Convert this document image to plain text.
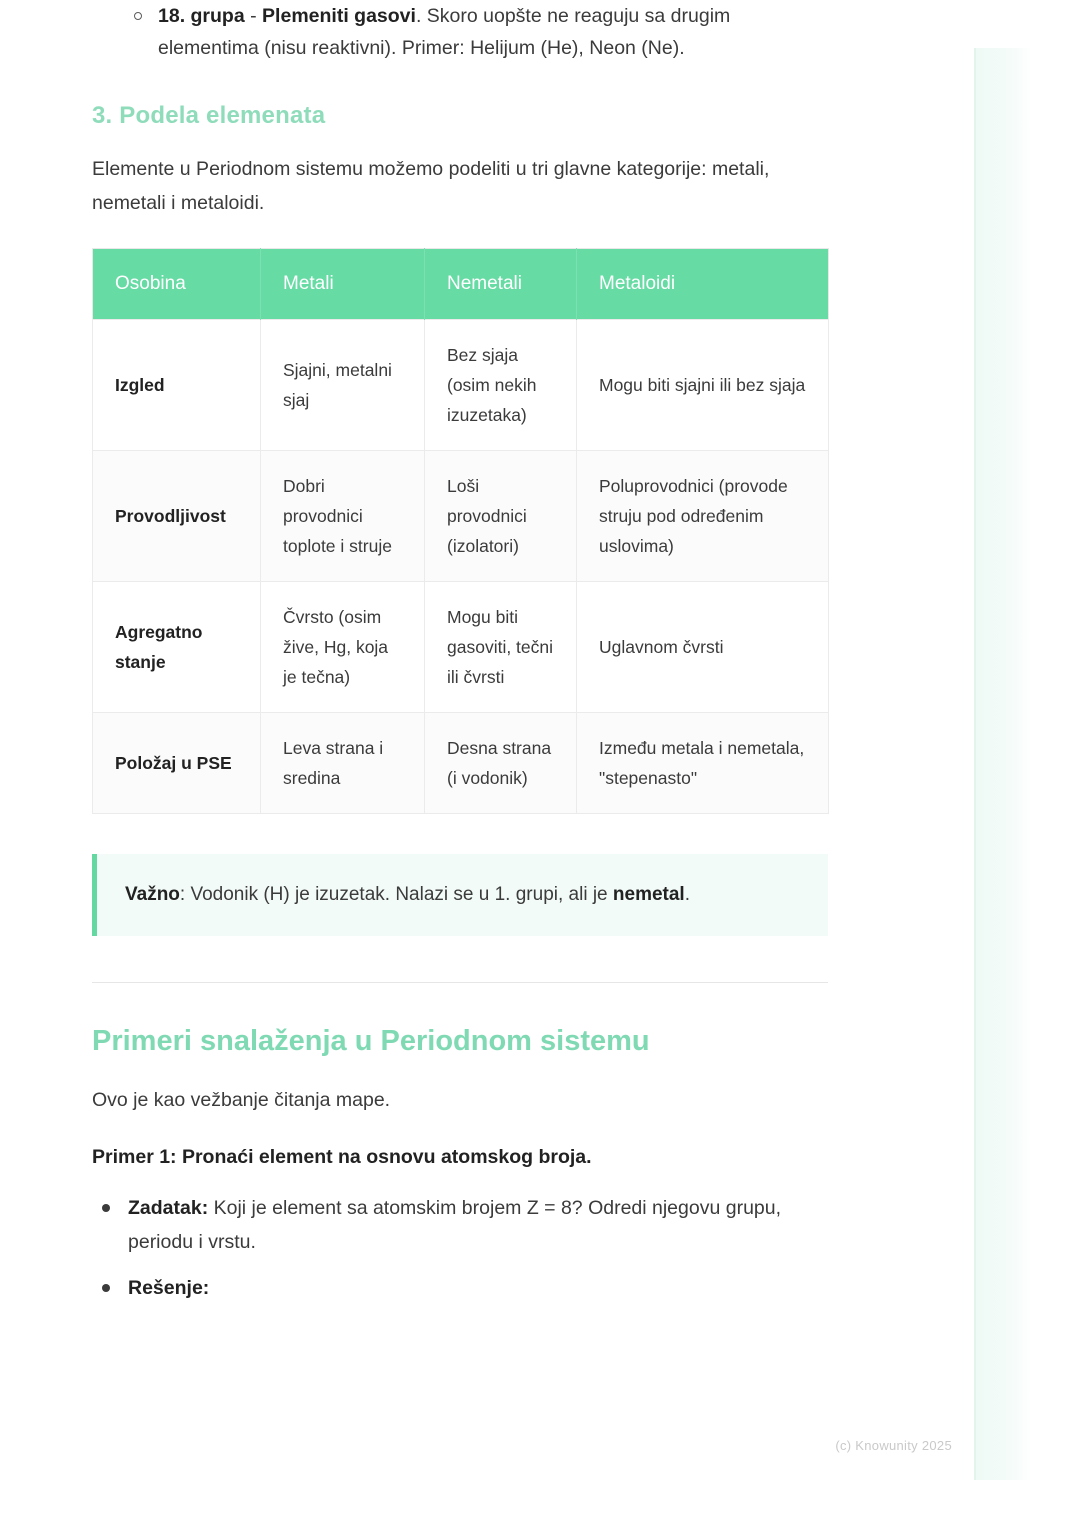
18. grupa - Plemeniti gasovi. Skoro uopšte ne reaguju sa drugim elementima (nisu reaktivni). Primer: Helijum (He), Neon (Ne).
3. Podela elemenata

Elemente u Periodnom sistemu možemo podeliti u tri glavne kategorije: metali, nemetali i metaloidi.

Osobina	Metali	Nemetali	Metaloidi
Izgled	Sjajni, metalni sjaj	Bez sjaja (osim nekih izuzetaka)	Mogu biti sjajni ili bez sjaja
Provodljivost	Dobri provodnici toplote i struje	Loši provodnici (izolatori)	Poluprovodnici (provode struju pod određenim uslovima)
Agregatno stanje	Čvrsto (osim žive, Hg, koja je tečna)	Mogu biti gasoviti, tečni ili čvrsti	Uglavnom čvrsti
Položaj u PSE	Leva strana i sredina	Desna strana (i vodonik)	Između metala i nemetala, "stepenasto"
Važno: Vodonik (H) je izuzetak. Nalazi se u 1. grupi, ali je nemetal.
Primeri snalaženja u Periodnom sistemu

Ovo je kao vežbanje čitanja mape.

Primer 1: Pronaći element na osnovu atomskog broja.

Zadatak: Koji je element sa atomskim brojem Z = 8? Odredi njegovu grupu, periodu i vrstu.
Rešenje:
(c) Knowunity 2025
